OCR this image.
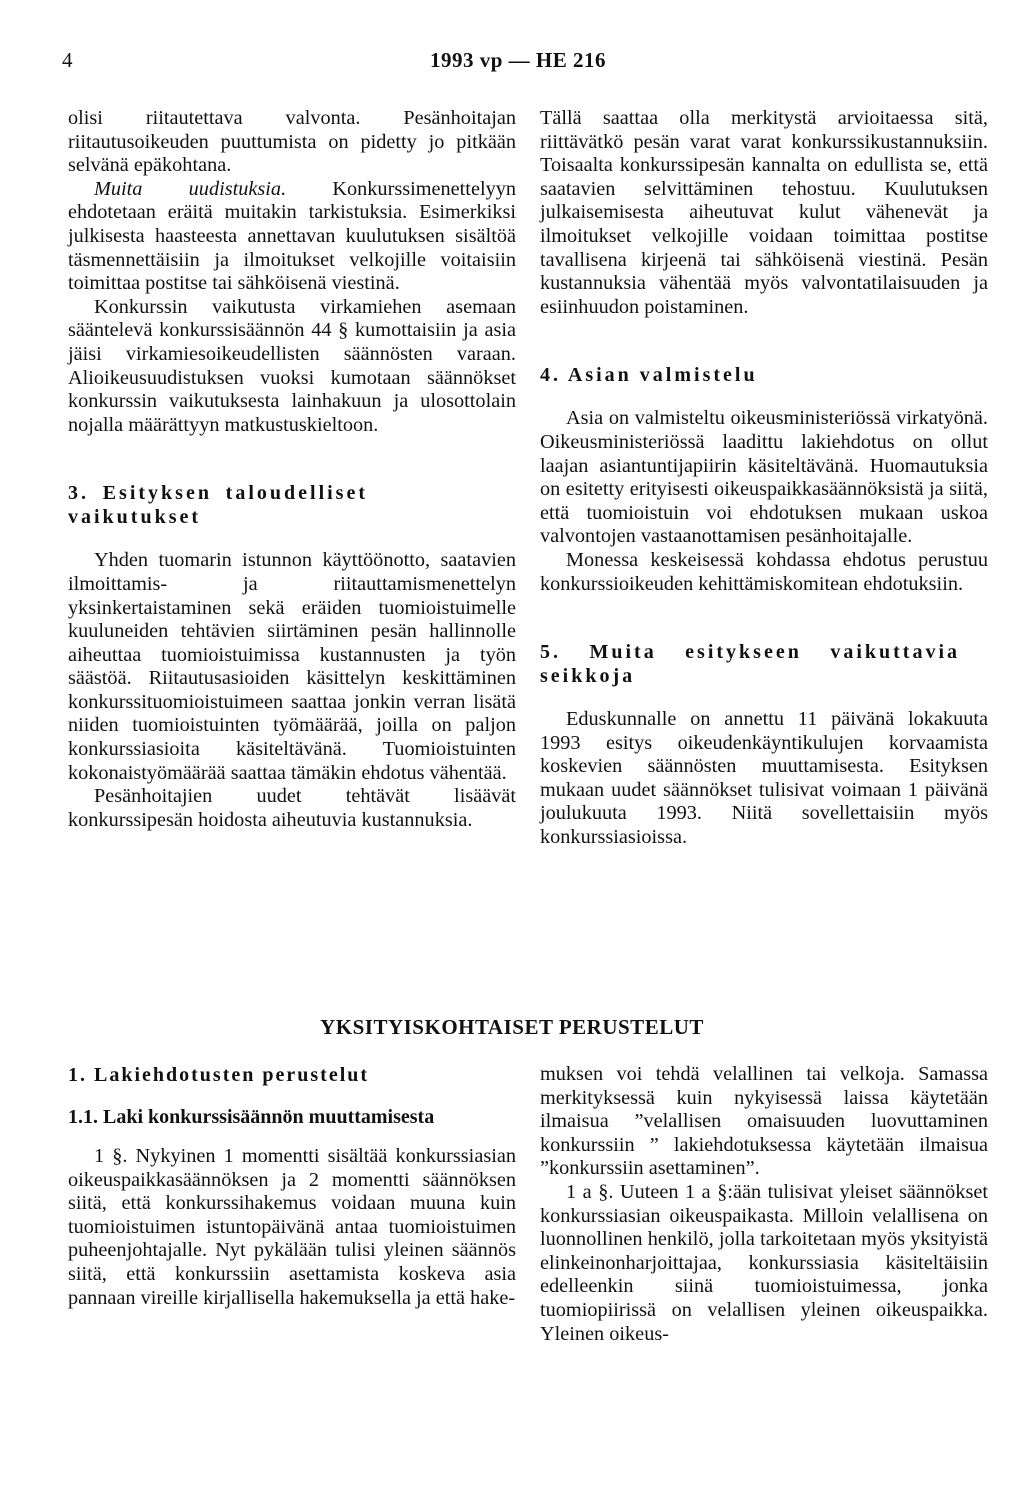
4	1993 vp — HE 216

olisi riitautettava valvonta. Pesänhoitajan riitautusoikeuden puuttumista on pidetty jo pitkään selvänä epäkohtana.

Muita uudistuksia. Konkurssimenettelyyn ehdotetaan eräitä muitakin tarkistuksia. Esimerkiksi julkisesta haasteesta annettavan kuulutuksen sisältöä täsmennettäisiin ja ilmoitukset velkojille voitaisiin toimittaa postitse tai sähköisenä viestinä.

Konkurssin vaikutusta virkamiehen asemaan sääntelevä konkurssisäännön 44 § kumottaisiin ja asia jäisi virkamiesoikeudellisten säännösten varaan. Alioikeusuudistuksen vuoksi kumotaan säännökset konkurssin vaikutuksesta lainhakuun ja ulosottolain nojalla määrättyyn matkustuskieltoon.

3. Esityksen taloudelliset vaikutukset

Yhden tuomarin istunnon käyttöönotto, saatavien ilmoittamis- ja riitauttamismenettelyn yksinkertaistaminen sekä eräiden tuomioistuimelle kuuluneiden tehtävien siirtäminen pesän hallinnolle aiheuttaa tuomioistuimissa kustannusten ja työn säästöä. Riitautusasioiden käsittelyn keskittäminen konkurssituomioistuimeen saattaa jonkin verran lisätä niiden tuomioistuinten työmäärää, joilla on paljon konkurssiasioita käsiteltävänä. Tuomioistuinten kokonaistyömäärää saattaa tämäkin ehdotus vähentää.

Pesänhoitajien uudet tehtävät lisäävät konkurssipesän hoidosta aiheutuvia kustannuksia.

Tällä saattaa olla merkitystä arvioitaessa sitä, riittävätkö pesän varat varat konkurssikustannuksiin. Toisaalta konkurssipesän kannalta on edullista se, että saatavien selvittäminen tehostuu. Kuulutuksen julkaisemisesta aiheutuvat kulut vähenevät ja ilmoitukset velkojille voidaan toimittaa postitse tavallisena kirjeenä tai sähköisenä viestinä. Pesän kustannuksia vähentää myös valvontatilaisuuden ja esiinhuudon poistaminen.

4. Asian valmistelu

Asia on valmisteltu oikeusministeriössä virkatyönä. Oikeusministeriössä laadittu lakiehdotus on ollut laajan asiantuntijapiirin käsiteltävänä. Huomautuksia on esitetty erityisesti oikeuspaikkasäännöksistä ja siitä, että tuomioistuin voi ehdotuksen mukaan uskoa valvontojen vastaanottamisen pesänhoitajalle.

Monessa keskeisessä kohdassa ehdotus perustuu konkurssioikeuden kehittämiskomitean ehdotuksiin.

5. Muita esitykseen vaikuttavia seikkoja

Eduskunnalle on annettu 11 päivänä lokakuuta 1993 esitys oikeudenkäyntikulujen korvaamista koskevien säännösten muuttamisesta. Esityksen mukaan uudet säännökset tulisivat voimaan 1 päivänä joulukuuta 1993. Niitä sovellettaisiin myös konkurssiasioissa.

YKSITYISKOHTAISET PERUSTELUT

1. Lakiehdotusten perustelut

1.1. Laki konkurssisäännön muuttamisesta

1 §. Nykyinen 1 momentti sisältää konkurssiasian oikeuspaikkasäännöksen ja 2 momentti säännöksen siitä, että konkurssihakemus voidaan muuna kuin tuomioistuimen istuntopäivänä antaa tuomioistuimen puheenjohtajalle. Nyt pykälään tulisi yleinen säännös siitä, että konkurssiin asettamista koskeva asia pannaan vireille kirjallisella hakemuksella ja että hake-

muksen voi tehdä velallinen tai velkoja. Samassa merkityksessä kuin nykyisessä laissa käytetään ilmaisua ”velallisen omaisuuden luovuttaminen konkurssiin ” lakiehdotuksessa käytetään ilmaisua ”konkurssiin asettaminen”.

1 a §. Uuteen 1 a §:ään tulisivat yleiset säännökset konkurssiasian oikeuspaikasta. Milloin velallisena on luonnollinen henkilö, jolla tarkoitetaan myös yksityistä elinkeinonharjoittajaa, konkurssiasia käsiteltäisiin edelleenkin siinä tuomioistuimessa, jonka tuomiopiirissä on velallisen yleinen oikeuspaikka. Yleinen oikeus-
